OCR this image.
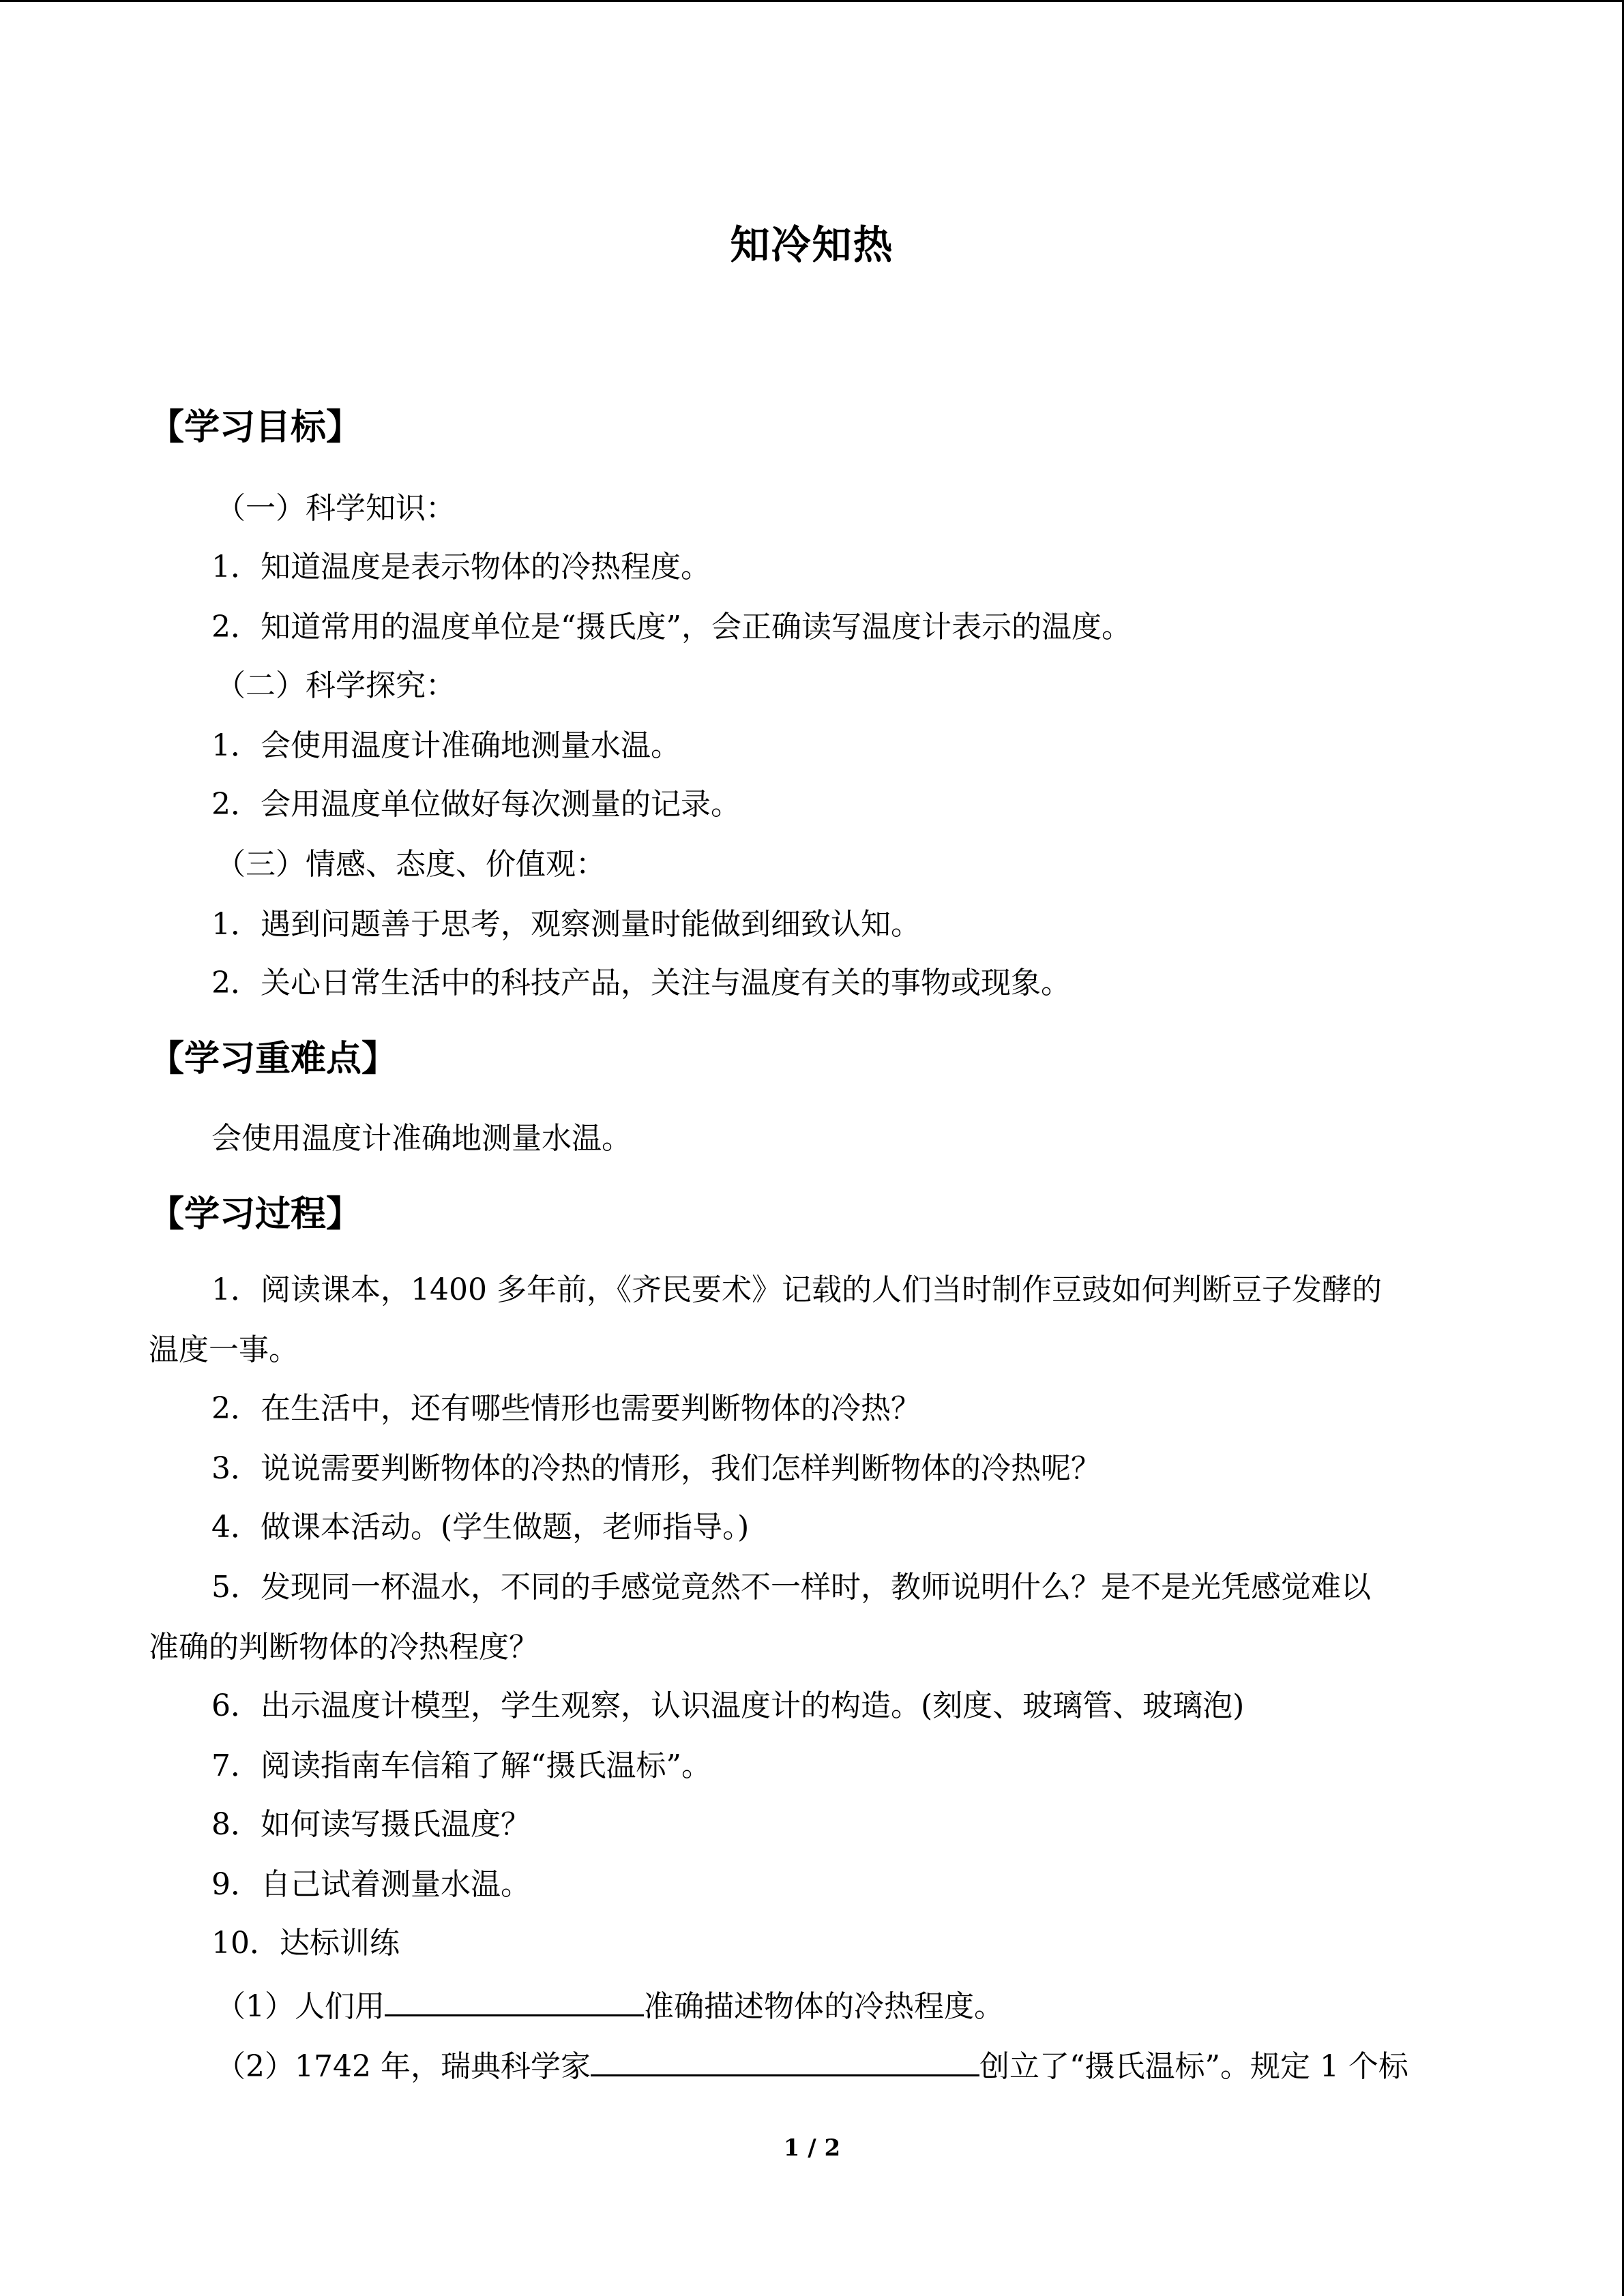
知冷知热
【学习目标】
（一）科学知识：
1．知道温度是表示物体的冷热程度。
2．知道常用的温度单位是“摄氏度”，会正确读写温度计表示的温度。
（二）科学探究：
1．会使用温度计准确地测量水温。
2．会用温度单位做好每次测量的记录。
（三）情感、态度、价值观：
1．遇到问题善于思考，观察测量时能做到细致认知。
2．关心日常生活中的科技产品，关注与温度有关的事物或现象。
【学习重难点】
会使用温度计准确地测量水温。
【学习过程】
1．阅读课本，1400 多年前，《齐民要术》记载的人们当时制作豆豉如何判断豆子发酵的
温度一事。
2．在生活中，还有哪些情形也需要判断物体的冷热？
3．说说需要判断物体的冷热的情形，我们怎样判断物体的冷热呢？
4．做课本活动。(学生做题，老师指导。)
5．发现同一杯温水，不同的手感觉竟然不一样时，教师说明什么？是不是光凭感觉难以
准确的判断物体的冷热程度？
6．出示温度计模型，学生观察，认识温度计的构造。(刻度、玻璃管、玻璃泡)
7．阅读指南车信箱了解“摄氏温标”。
8．如何读写摄氏温度？
9．自己试着测量水温。
10．达标训练
（1）人们用	准确描述物体的冷热程度。
（2）1742 年，瑞典科学家	创立了“摄氏温标”。规定 1 个标
1 / 2
